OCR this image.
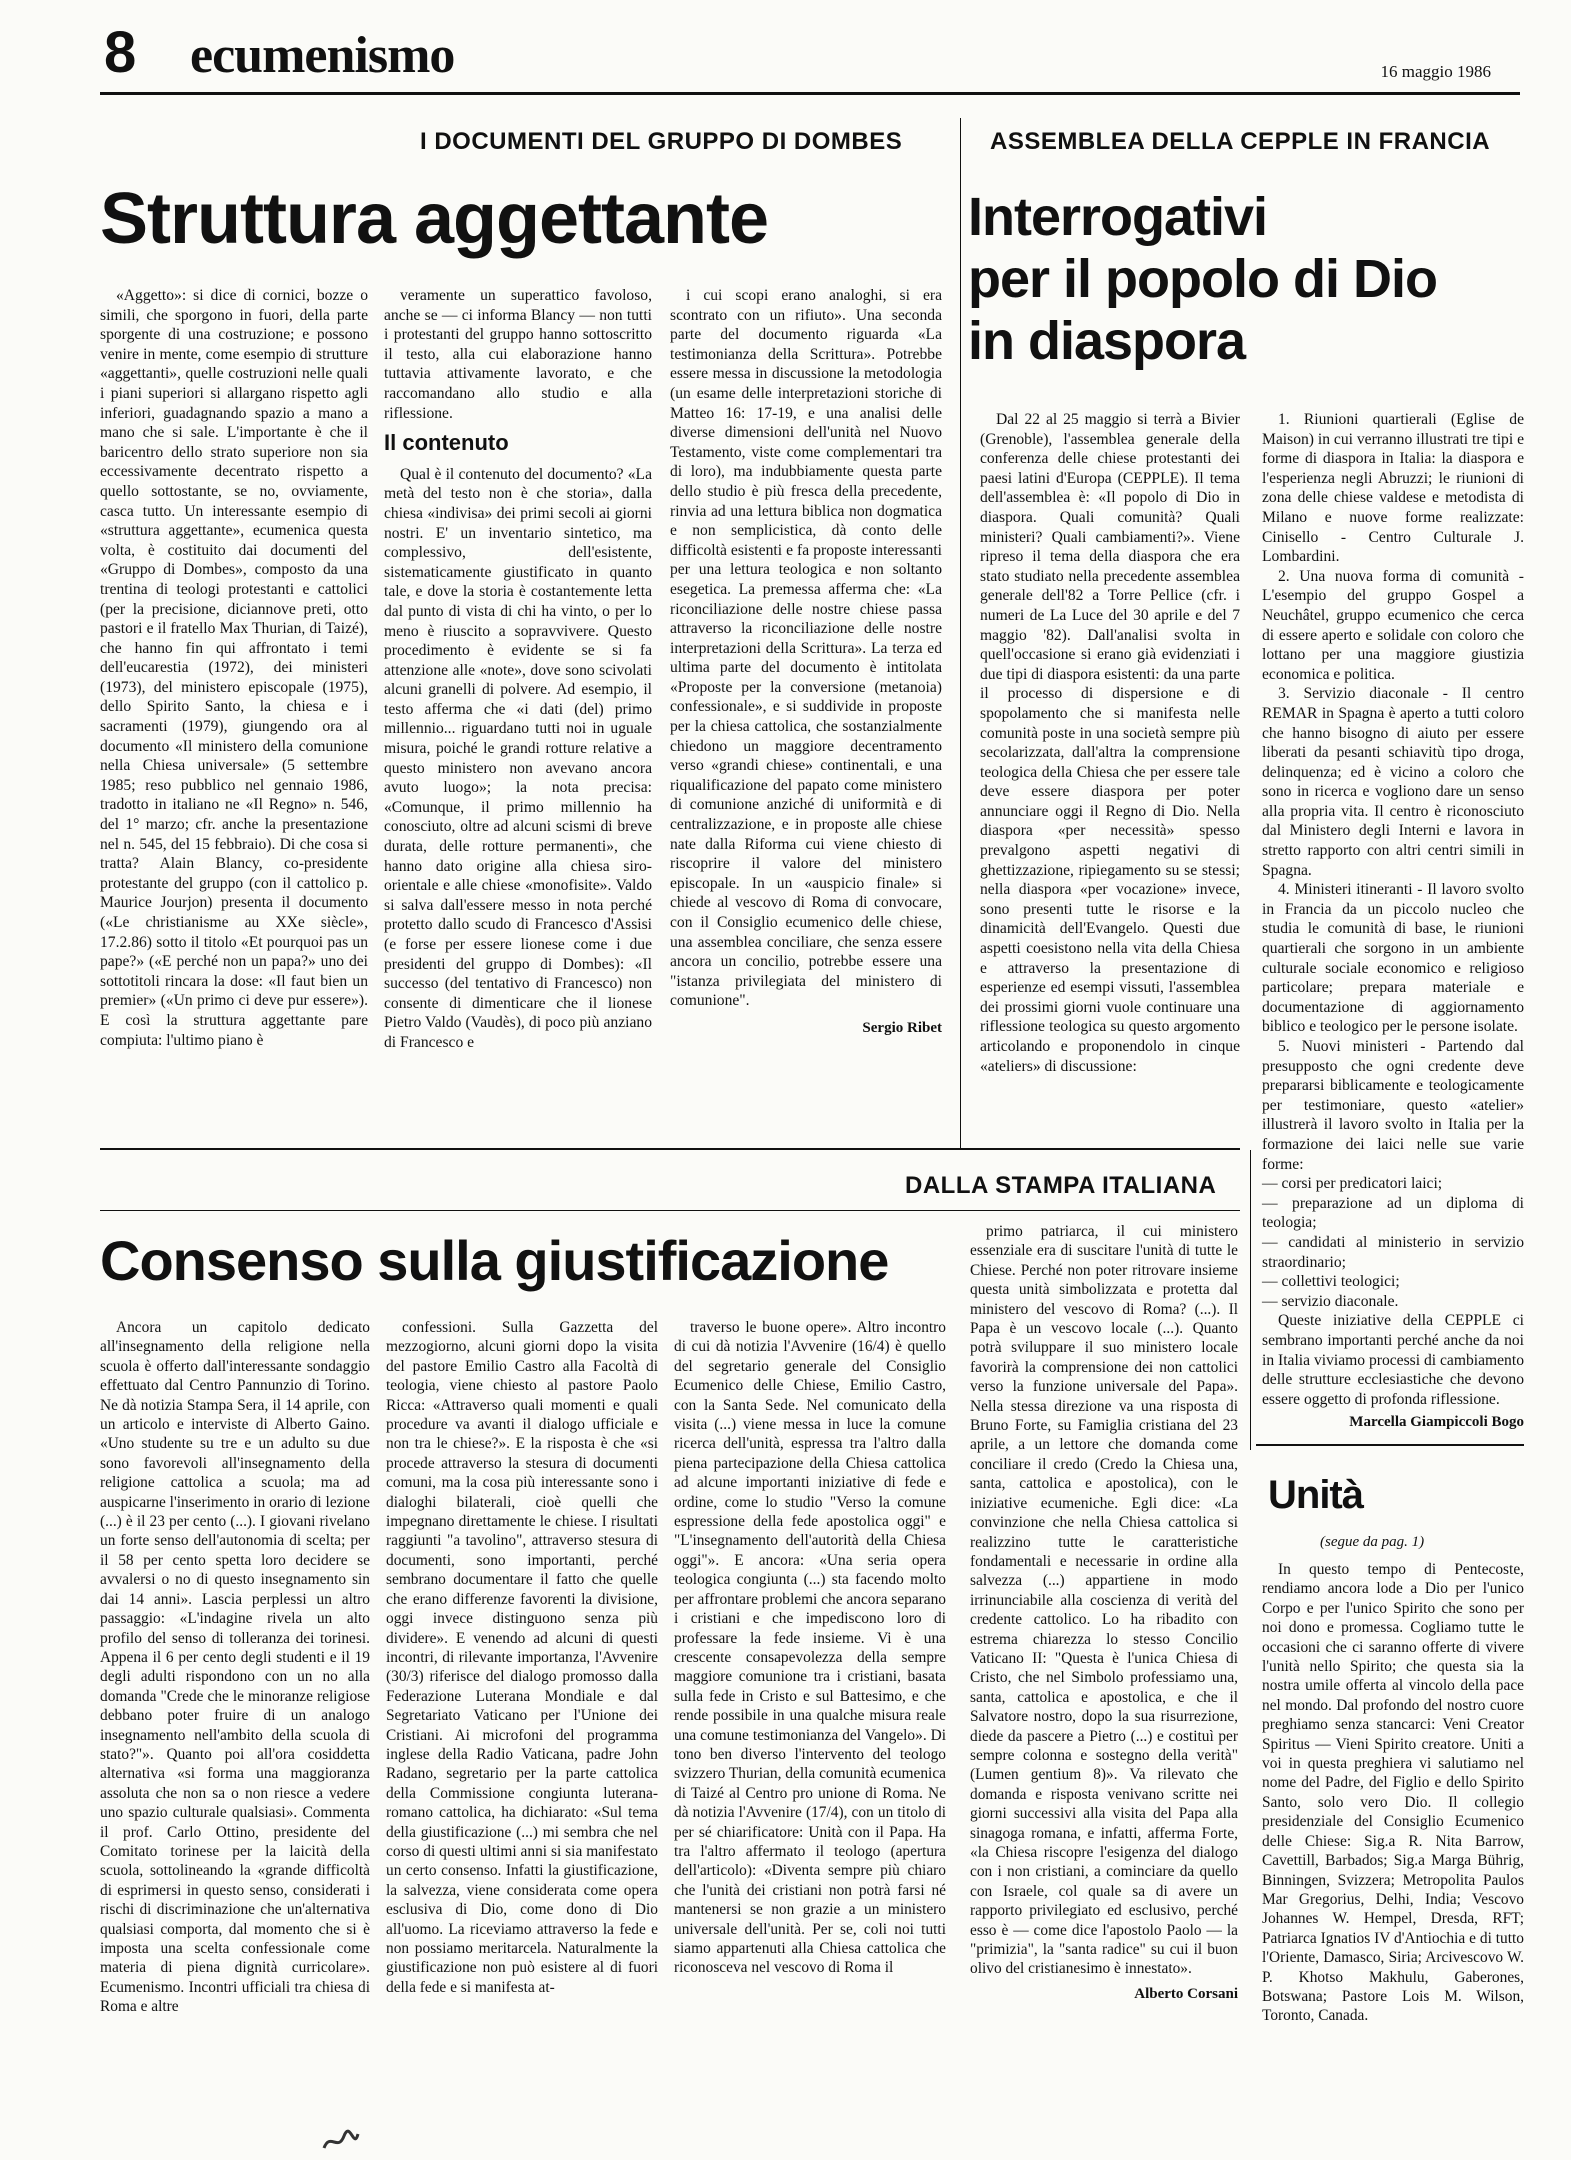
8 ecumenismo	16 maggio 1986
I DOCUMENTI DEL GRUPPO DI DOMBES
Struttura aggettante

«Aggetto»: si dice di cornici, bozze o simili, che sporgono in fuori, della parte sporgente di una costruzione; e possono venire in mente, come esempio di strutture «aggettanti», quelle costruzioni nelle quali i piani superiori si allargano rispetto agli inferiori, guadagnando spazio a mano a mano che si sale. L'importante è che il baricentro dello strato superiore non sia eccessivamente decentrato rispetto a quello sottostante, se no, ovviamente, casca tutto. Un interessante esempio di «struttura aggettante», ecumenica questa volta, è costituito dai documenti del «Gruppo di Dombes», composto da una trentina di teologi protestanti e cattolici (per la precisione, diciannove preti, otto pastori e il fratello Max Thurian, di Taizé), che hanno fin qui affrontato i temi dell'eucarestia (1972), dei ministeri (1973), del ministero episcopale (1975), dello Spirito Santo, la chiesa e i sacramenti (1979), giungendo ora al documento «Il ministero della comunione nella Chiesa universale» (5 settembre 1985; reso pubblico nel gennaio 1986, tradotto in italiano ne «Il Regno» n. 546, del 1° marzo; cfr. anche la presentazione nel n. 545, del 15 febbraio). Di che cosa si tratta? Alain Blancy, co-presidente protestante del gruppo (con il cattolico p. Maurice Jourjon) presenta il documento («Le christianisme au XXe siècle», 17.2.86) sotto il titolo «Et pourquoi pas un pape?» («E perché non un papa?» uno dei sottotitoli rincara la dose: «Il faut bien un premier» («Un primo ci deve pur essere»). E così la struttura aggettante pare compiuta: l'ultimo piano è

veramente un superattico favoloso, anche se — ci informa Blancy — non tutti i protestanti del gruppo hanno sottoscritto il testo, alla cui elaborazione hanno tuttavia attivamente lavorato, e che raccomandano allo studio e alla riflessione.

Il contenuto

Qual è il contenuto del documento? «La metà del testo non è che storia», dalla chiesa «indivisa» dei primi secoli ai giorni nostri. E' un inventario sintetico, ma complessivo, dell'esistente, sistematicamente giustificato in quanto tale, e dove la storia è costantemente letta dal punto di vista di chi ha vinto, o per lo meno è riuscito a sopravvivere. Questo procedimento è evidente se si fa attenzione alle «note», dove sono scivolati alcuni granelli di polvere. Ad esempio, il testo afferma che «i dati (del) primo millennio... riguardano tutti noi in uguale misura, poiché le grandi rotture relative a questo ministero non avevano ancora avuto luogo»; la nota precisa: «Comunque, il primo millennio ha conosciuto, oltre ad alcuni scismi di breve durata, delle rotture permanenti», che hanno dato origine alla chiesa siro-orientale e alle chiese «monofisite». Valdo si salva dall'essere messo in nota perché protetto dallo scudo di Francesco d'Assisi (e forse per essere lionese come i due presidenti del gruppo di Dombes): «Il successo (del tentativo di Francesco) non consente di dimenticare che il lionese Pietro Valdo (Vaudès), di poco più anziano di Francesco e

i cui scopi erano analoghi, si era scontrato con un rifiuto». Una seconda parte del documento riguarda «La testimonianza della Scrittura». Potrebbe essere messa in discussione la metodologia (un esame delle interpretazioni storiche di Matteo 16: 17-19, e una analisi delle diverse dimensioni dell'unità nel Nuovo Testamento, viste come complementari tra di loro), ma indubbiamente questa parte dello studio è più fresca della precedente, rinvia ad una lettura biblica non dogmatica e non semplicistica, dà conto delle difficoltà esistenti e fa proposte interessanti per una lettura teologica e non soltanto esegetica. La premessa afferma che: «La riconciliazione delle nostre chiese passa attraverso la riconciliazione delle nostre interpretazioni della Scrittura». La terza ed ultima parte del documento è intitolata «Proposte per la conversione (metanoia) confessionale», e si suddivide in proposte per la chiesa cattolica, che sostanzialmente chiedono un maggiore decentramento verso «grandi chiese» continentali, e una riqualificazione del papato come ministero di comunione anziché di uniformità e di centralizzazione, e in proposte alle chiese nate dalla Riforma cui viene chiesto di riscoprire il valore del ministero episcopale. In un «auspicio finale» si chiede al vescovo di Roma di convocare, con il Consiglio ecumenico delle chiese, una assemblea conciliare, che senza essere ancora un concilio, potrebbe essere una "istanza privilegiata del ministero di comunione".

Sergio Ribet
ASSEMBLEA DELLA CEPPLE IN FRANCIA
Interrogativi
per il popolo di Dio
in diaspora

Dal 22 al 25 maggio si terrà a Bivier (Grenoble), l'assemblea generale della conferenza delle chiese protestanti dei paesi latini d'Europa (CEPPLE). Il tema dell'assemblea è: «Il popolo di Dio in diaspora. Quali comunità? Quali ministeri? Quali cambiamenti?». Viene ripreso il tema della diaspora che era stato studiato nella precedente assemblea generale dell'82 a Torre Pellice (cfr. i numeri de La Luce del 30 aprile e del 7 maggio '82). Dall'analisi svolta in quell'occasione si erano già evidenziati i due tipi di diaspora esistenti: da una parte il processo di dispersione e di spopolamento che si manifesta nelle comunità poste in una società sempre più secolarizzata, dall'altra la comprensione teologica della Chiesa che per essere tale deve essere diaspora per poter annunciare oggi il Regno di Dio. Nella diaspora «per necessità» spesso prevalgono aspetti negativi di ghettizzazione, ripiegamento su se stessi; nella diaspora «per vocazione» invece, sono presenti tutte le risorse e la dinamicità dell'Evangelo. Questi due aspetti coesistono nella vita della Chiesa e attraverso la presentazione di esperienze ed esempi vissuti, l'assemblea dei prossimi giorni vuole continuare una riflessione teologica su questo argomento articolando e proponendolo in cinque «ateliers» di discussione:

1. Riunioni quartierali (Eglise de Maison) in cui verranno illustrati tre tipi e forme di diaspora in Italia: la diaspora e l'esperienza negli Abruzzi; le riunioni di zona delle chiese valdese e metodista di Milano e nuove forme realizzate: Cinisello - Centro Culturale J. Lombardini.

2. Una nuova forma di comunità - L'esempio del gruppo Gospel a Neuchâtel, gruppo ecumenico che cerca di essere aperto e solidale con coloro che lottano per una maggiore giustizia economica e politica.

3. Servizio diaconale - Il centro REMAR in Spagna è aperto a tutti coloro che hanno bisogno di aiuto per essere liberati da pesanti schiavitù tipo droga, delinquenza; ed è vicino a coloro che sono in ricerca e vogliono dare un senso alla propria vita. Il centro è riconosciuto dal Ministero degli Interni e lavora in stretto rapporto con altri centri simili in Spagna.

4. Ministeri itineranti - Il lavoro svolto in Francia da un piccolo nucleo che studia le comunità di base, le riunioni quartierali che sorgono in un ambiente culturale sociale economico e religioso particolare; prepara materiale e documentazione di aggiornamento biblico e teologico per le persone isolate.

5. Nuovi ministeri - Partendo dal presupposto che ogni credente deve prepararsi biblicamente e teologicamente per testimoniare, questo «atelier» illustrerà il lavoro svolto in Italia per la formazione dei laici nelle sue varie forme:

— corsi per predicatori laici;
— preparazione ad un diploma di teologia;
— candidati al ministerio in servizio straordinario;
— collettivi teologici;
— servizio diaconale.

Queste iniziative della CEPPLE ci sembrano importanti perché anche da noi in Italia viviamo processi di cambiamento delle strutture ecclesiastiche che devono essere oggetto di profonda riflessione.

Marcella Giampiccoli Bogo
DALLA STAMPA ITALIANA
Consenso sulla giustificazione

Ancora un capitolo dedicato all'insegnamento della religione nella scuola è offerto dall'interessante sondaggio effettuato dal Centro Pannunzio di Torino. Ne dà notizia Stampa Sera, il 14 aprile, con un articolo e interviste di Alberto Gaino. «Uno studente su tre e un adulto su due sono favorevoli all'insegnamento della religione cattolica a scuola; ma ad auspicarne l'inserimento in orario di lezione (...) è il 23 per cento (...). I giovani rivelano un forte senso dell'autonomia di scelta; per il 58 per cento spetta loro decidere se avvalersi o no di questo insegnamento sin dai 14 anni». Lascia perplessi un altro passaggio: «L'indagine rivela un alto profilo del senso di tolleranza dei torinesi. Appena il 6 per cento degli studenti e il 19 degli adulti rispondono con un no alla domanda "Crede che le minoranze religiose debbano poter fruire di un analogo insegnamento nell'ambito della scuola di stato?"». Quanto poi all'ora cosiddetta alternativa «si forma una maggioranza assoluta che non sa o non riesce a vedere uno spazio culturale qualsiasi». Commenta il prof. Carlo Ottino, presidente del Comitato torinese per la laicità della scuola, sottolineando la «grande difficoltà di esprimersi in questo senso, considerati i rischi di discriminazione che un'alternativa qualsiasi comporta, dal momento che si è imposta una scelta confessionale come materia di piena dignità curricolare». Ecumenismo. Incontri ufficiali tra chiesa di Roma e altre

confessioni. Sulla Gazzetta del mezzogiorno, alcuni giorni dopo la visita del pastore Emilio Castro alla Facoltà di teologia, viene chiesto al pastore Paolo Ricca: «Attraverso quali momenti e quali procedure va avanti il dialogo ufficiale e non tra le chiese?». E la risposta è che «si procede attraverso la stesura di documenti comuni, ma la cosa più interessante sono i dialoghi bilaterali, cioè quelli che impegnano direttamente le chiese. I risultati raggiunti "a tavolino", attraverso stesura di documenti, sono importanti, perché sembrano documentare il fatto che quelle che erano differenze favorenti la divisione, oggi invece distinguono senza più dividere». E venendo ad alcuni di questi incontri, di rilevante importanza, l'Avvenire (30/3) riferisce del dialogo promosso dalla Federazione Luterana Mondiale e dal Segretariato Vaticano per l'Unione dei Cristiani. Ai microfoni del programma inglese della Radio Vaticana, padre John Radano, segretario per la parte cattolica della Commissione congiunta luterana-romano cattolica, ha dichiarato: «Sul tema della giustificazione (...) mi sembra che nel corso di questi ultimi anni si sia manifestato un certo consenso. Infatti la giustificazione, la salvezza, viene considerata come opera esclusiva di Dio, come dono di Dio all'uomo. La riceviamo attraverso la fede e non possiamo meritarcela. Naturalmente la giustificazione non può esistere al di fuori della fede e si manifesta at-

traverso le buone opere». Altro incontro di cui dà notizia l'Avvenire (16/4) è quello del segretario generale del Consiglio Ecumenico delle Chiese, Emilio Castro, con la Santa Sede. Nel comunicato della visita (...) viene messa in luce la comune ricerca dell'unità, espressa tra l'altro dalla piena partecipazione della Chiesa cattolica ad alcune importanti iniziative di fede e ordine, come lo studio "Verso la comune espressione della fede apostolica oggi" e "L'insegnamento dell'autorità della Chiesa oggi"». E ancora: «Una seria opera teologica congiunta (...) sta facendo molto per affrontare problemi che ancora separano i cristiani e che impediscono loro di professare la fede insieme. Vi è una crescente consapevolezza della sempre maggiore comunione tra i cristiani, basata sulla fede in Cristo e sul Battesimo, e che rende possibile in una qualche misura reale una comune testimonianza del Vangelo». Di tono ben diverso l'intervento del teologo svizzero Thurian, della comunità ecumenica di Taizé al Centro pro unione di Roma. Ne dà notizia l'Avvenire (17/4), con un titolo di per sé chiarificatore: Unità con il Papa. Ha tra l'altro affermato il teologo (apertura dell'articolo): «Diventa sempre più chiaro che l'unità dei cristiani non potrà farsi né mantenersi se non grazie a un ministero universale dell'unità. Per se, coli noi tutti siamo appartenuti alla Chiesa cattolica che riconosceva nel vescovo di Roma il

primo patriarca, il cui ministero essenziale era di suscitare l'unità di tutte le Chiese. Perché non poter ritrovare insieme questa unità simbolizzata e protetta dal ministero del vescovo di Roma? (...). Il Papa è un vescovo locale (...). Quanto potrà sviluppare il suo ministero locale favorirà la comprensione dei non cattolici verso la funzione universale del Papa». Nella stessa direzione va una risposta di Bruno Forte, su Famiglia cristiana del 23 aprile, a un lettore che domanda come conciliare il credo (Credo la Chiesa una, santa, cattolica e apostolica), con le iniziative ecumeniche. Egli dice: «La convinzione che nella Chiesa cattolica si realizzino tutte le caratteristiche fondamentali e necessarie in ordine alla salvezza (...) appartiene in modo irrinunciabile alla coscienza di verità del credente cattolico. Lo ha ribadito con estrema chiarezza lo stesso Concilio Vaticano II: "Questa è l'unica Chiesa di Cristo, che nel Simbolo professiamo una, santa, cattolica e apostolica, e che il Salvatore nostro, dopo la sua risurrezione, diede da pascere a Pietro (...) e costituì per sempre colonna e sostegno della verità" (Lumen gentium 8)». Va rilevato che domanda e risposta venivano scritte nei giorni successivi alla visita del Papa alla sinagoga romana, e infatti, afferma Forte, «la Chiesa riscopre l'esigenza del dialogo con i non cristiani, a cominciare da quello con Israele, col quale sa di avere un rapporto privilegiato ed esclusivo, perché esso è — come dice l'apostolo Paolo — la "primizia", la "santa radice" su cui il buon olivo del cristianesimo è innestato».

Alberto Corsani
Unità
(segue da pag. 1)

In questo tempo di Pentecoste, rendiamo ancora lode a Dio per l'unico Corpo e per l'unico Spirito che sono per noi dono e promessa. Cogliamo tutte le occasioni che ci saranno offerte di vivere l'unità nello Spirito; che questa sia la nostra umile offerta al vincolo della pace nel mondo. Dal profondo del nostro cuore preghiamo senza stancarci: Veni Creator Spiritus — Vieni Spirito creatore. Uniti a voi in questa preghiera vi salutiamo nel nome del Padre, del Figlio e dello Spirito Santo, solo vero Dio. Il collegio presidenziale del Consiglio Ecumenico delle Chiese: Sig.a R. Nita Barrow, Cavettill, Barbados; Sig.a Marga Bührig, Binningen, Svizzera; Metropolita Paulos Mar Gregorius, Delhi, India; Vescovo Johannes W. Hempel, Dresda, RFT; Patriarca Ignatios IV d'Antiochia e di tutto l'Oriente, Damasco, Siria; Arcivescovo W. P. Khotso Makhulu, Gaberones, Botswana; Pastore Lois M. Wilson, Toronto, Canada.
